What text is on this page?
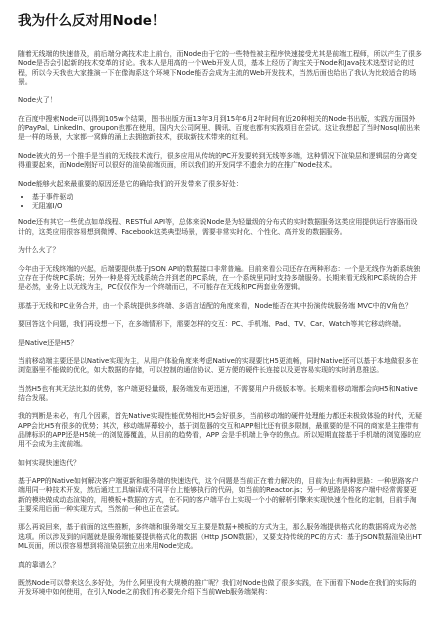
我为什么反对用Node！

随着无线端的快速普及，前后端分离技术走上前台，而Node由于它的一些特性被主程序快速接受尤其是前端工程师，所以产生了很多Node是否会引起新的技术变革的讨论。我本人是用高的一个Web开发人员，基本上经历了淘宝关于Node和Java技术选型讨论的过程，所以今天我也大家推演一下在像淘系这个环境下Node能否会成为主流的Web开发技术，当然后面也给出了我认为比较适合的场景。

Node火了！

在百度中搜索Node可以得到105w个结果，图书出版方面13年3月到15年6月2年时间有近20种相关的Node书出版，实践方面国外的PayPal、LinkedIn、groupon也都在使用，国内大公司阿里、腾讯、百度也都有实践项目在尝试。这让我想起了当时Nosql前出来是一样的场景，大家都一窝蜂的涌上去拥抱新技术，获取新技术带来的红利。

Node被火的另一个推手是当前的无线技术流行，很多应用从传统的PC开发要转到无线等多端，这种情况下渲染层和逻辑层的分离变得重要起来，而Node刚好可以很好的渲染前端页面，所以我们的开发同学不遗余力的在推广Node技术。

Node能够火起来最重要的原因还是它的确给我们的开发带来了很多好处：

• 基于事件驱动
• 无阻塞I/O

Node还有其它一些优点如单线程、RESTful API等，总体来说Node是为轻量级的分布式的实时数据服务这类应用提供运行容器而设计的，这类应用很容易想到微博、Facebook这类典型场景，需要非常实时化、个性化、高并发的数据服务。

为什么火了？

今年由于无线终端的兴起，后端要提供基于JSON API的数据接口非常普遍。目前来看公司还存在两种形态：一个是无线作为新系统独立存在于传统PC系统；另外一种是将无线系统合并到老的PC系统，在一个系统里同时支持多端服务。长期来看无线和PC系统的合并是必然，业务上以无线为主，PC仅仅作为一个终端而已，不可能存在无线和PC两套业务逻辑。

那基于无线和PC业务合并，由一个系统提供多终端、多语言适配的角度来看，Node能否在其中扮演传统服务端 MVC中的V角色？

要回答这个问题，我们再设想一下，在多端情形下，需要怎样的交互：PC、手机端、Pad、TV、Car、Watch等其它移动终端。

是Native还是H5？

当前移动端主要还是以Native实现为主，从用户体验角度来考虑Native的实现要比H5更流畅，同时Native还可以基于本地做很多在浏览器里不能做的优化，如大数据的存储，可以控制的通信协议、更方便的硬件长连接以及更容易实现的实时消息推送。

当然H5也有其无法比拟的优势，客户端更轻量级，服务端发布更迅速，不需要用户升级版本等。长期来看移动端都会向H5和Native结合发展。

我的判断是未必，有几个因素，首先Native实现性能优势相比H5会好很多，当前移动端的硬件处理能力都还未极致体验的时代，无疑APP会比H5有很多的优势；其次，移动端屏幕较小，基于浏览器的交互和APP相比还有很多限制，最重要的是不同的商家是主推带有品牌标识的APP还是H5统一的浏览器覆盖，从目前的趋势看，APP 会是手机端上争夺的焦点。所以短期直接基于手机端的浏览器的应用不会成为主流前端。

如何实现快速迭代？

基于APP的Native如何解决客户端更新和服务端的快速迭代，这个问题是当前正在着力解决的，目前为止有两种思路：一种思路客户端用同一种技术开发，然后通过工具编译成不同平台上能够执行的代码，如当前的Reactor.js；另一种思路是将客户端中经常需要更新的模块做成动态渲染的，用模板+数据的方式，在不同的客户端平台上实现一个小的解析引擎来实现快速个性化的定制，目前手淘主要采用后面一种实现方式，当然前一种也正在尝试。

那么再说回来，基于前面的这些推断，多终端和服务端交互主要是数据+模板的方式为主，那么服务端提供格式化的数据将成为必然选项。所以涉及到的问题就是服务端能要提供格式化的数据（Http JSON数据），又要支持传统的PC的方式：基于JSON数据渲染出HTML页面，所以很容易想到将渲染层独立出来用Node完成。

真的靠谱么？

既然Node可以带来这么多好处，为什么阿里没有大规模的推广呢？我们对Node也做了很多实践，在下面看下Node在我们的实际的开发环境中如何使用，在引入Node之前我们有必要先介绍下当前Web服务端架构：
